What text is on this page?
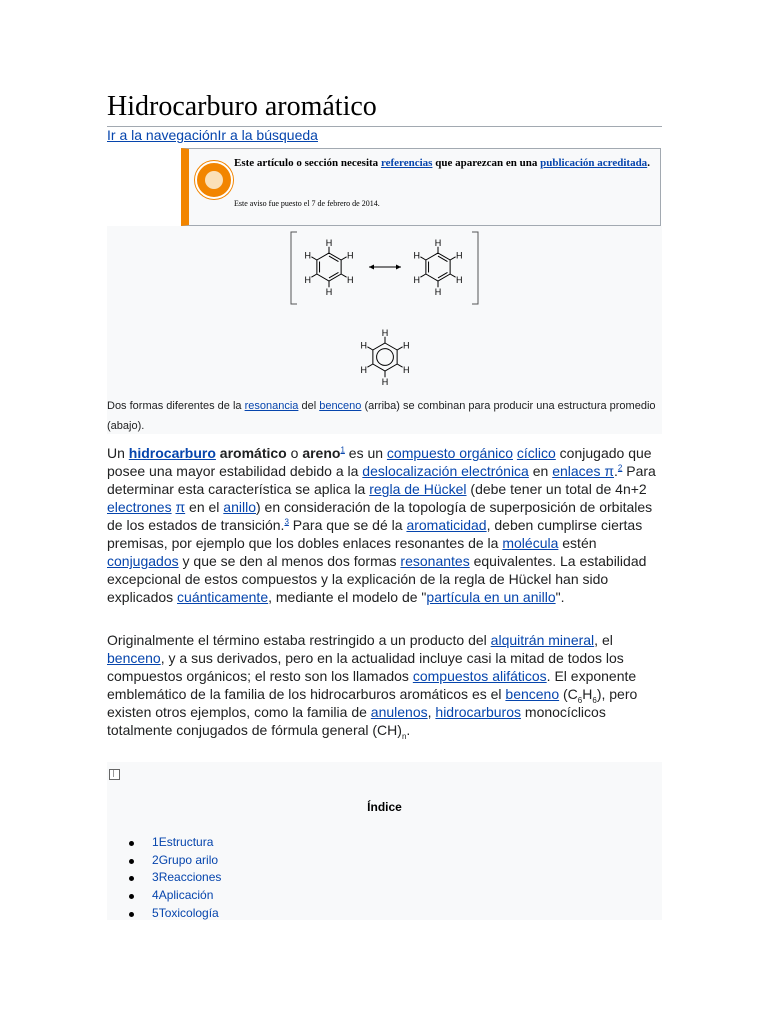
Hidrocarburo aromático
Ir a la navegaciónIr a la búsqueda
Este artículo o sección necesita referencias que aparezcan en una publicación acreditada.
Este aviso fue puesto el 7 de febrero de 2014.
H
H
H
H
H
H
H
H
H
H
H
H
H
H
H
H
H
H
Dos formas diferentes de la resonancia del benceno (arriba) se combinan para producir una estructura promedio (abajo).

Un hidrocarburo aromático o areno$^1$ es un compuesto orgánico cíclico conjugado que posee una mayor estabilidad debido a la deslocalización electrónica en enlaces π.$^2$ Para determinar esta característica se aplica la regla de Hückel (debe tener un total de 4n+2 electrones π en el anillo) en consideración de la topología de superposición de orbitales de los estados de transición.$^3$ Para que se dé la aromaticidad, deben cumplirse ciertas premisas, por ejemplo que los dobles enlaces resonantes de la molécula estén conjugados y que se den al menos dos formas resonantes equivalentes. La estabilidad excepcional de estos compuestos y la explicación de la regla de Hückel han sido explicados cuánticamente, mediante el modelo de "partícula en un anillo".

Originalmente el término estaba restringido a un producto del alquitrán mineral, el benceno, y a sus derivados, pero en la actualidad incluye casi la mitad de todos los compuestos orgánicos; el resto son los llamados compuestos alifáticos. El exponente emblemático de la familia de los hidrocarburos aromáticos es el benceno $(C_6H_6)$, pero existen otros ejemplos, como la familia de anulenos, hidrocarburos monocíclicos totalmente conjugados de fórmula general $(CH)_n$.

Índice
1Estructura
2Grupo arilo
3Reacciones
4Aplicación
5Toxicología
